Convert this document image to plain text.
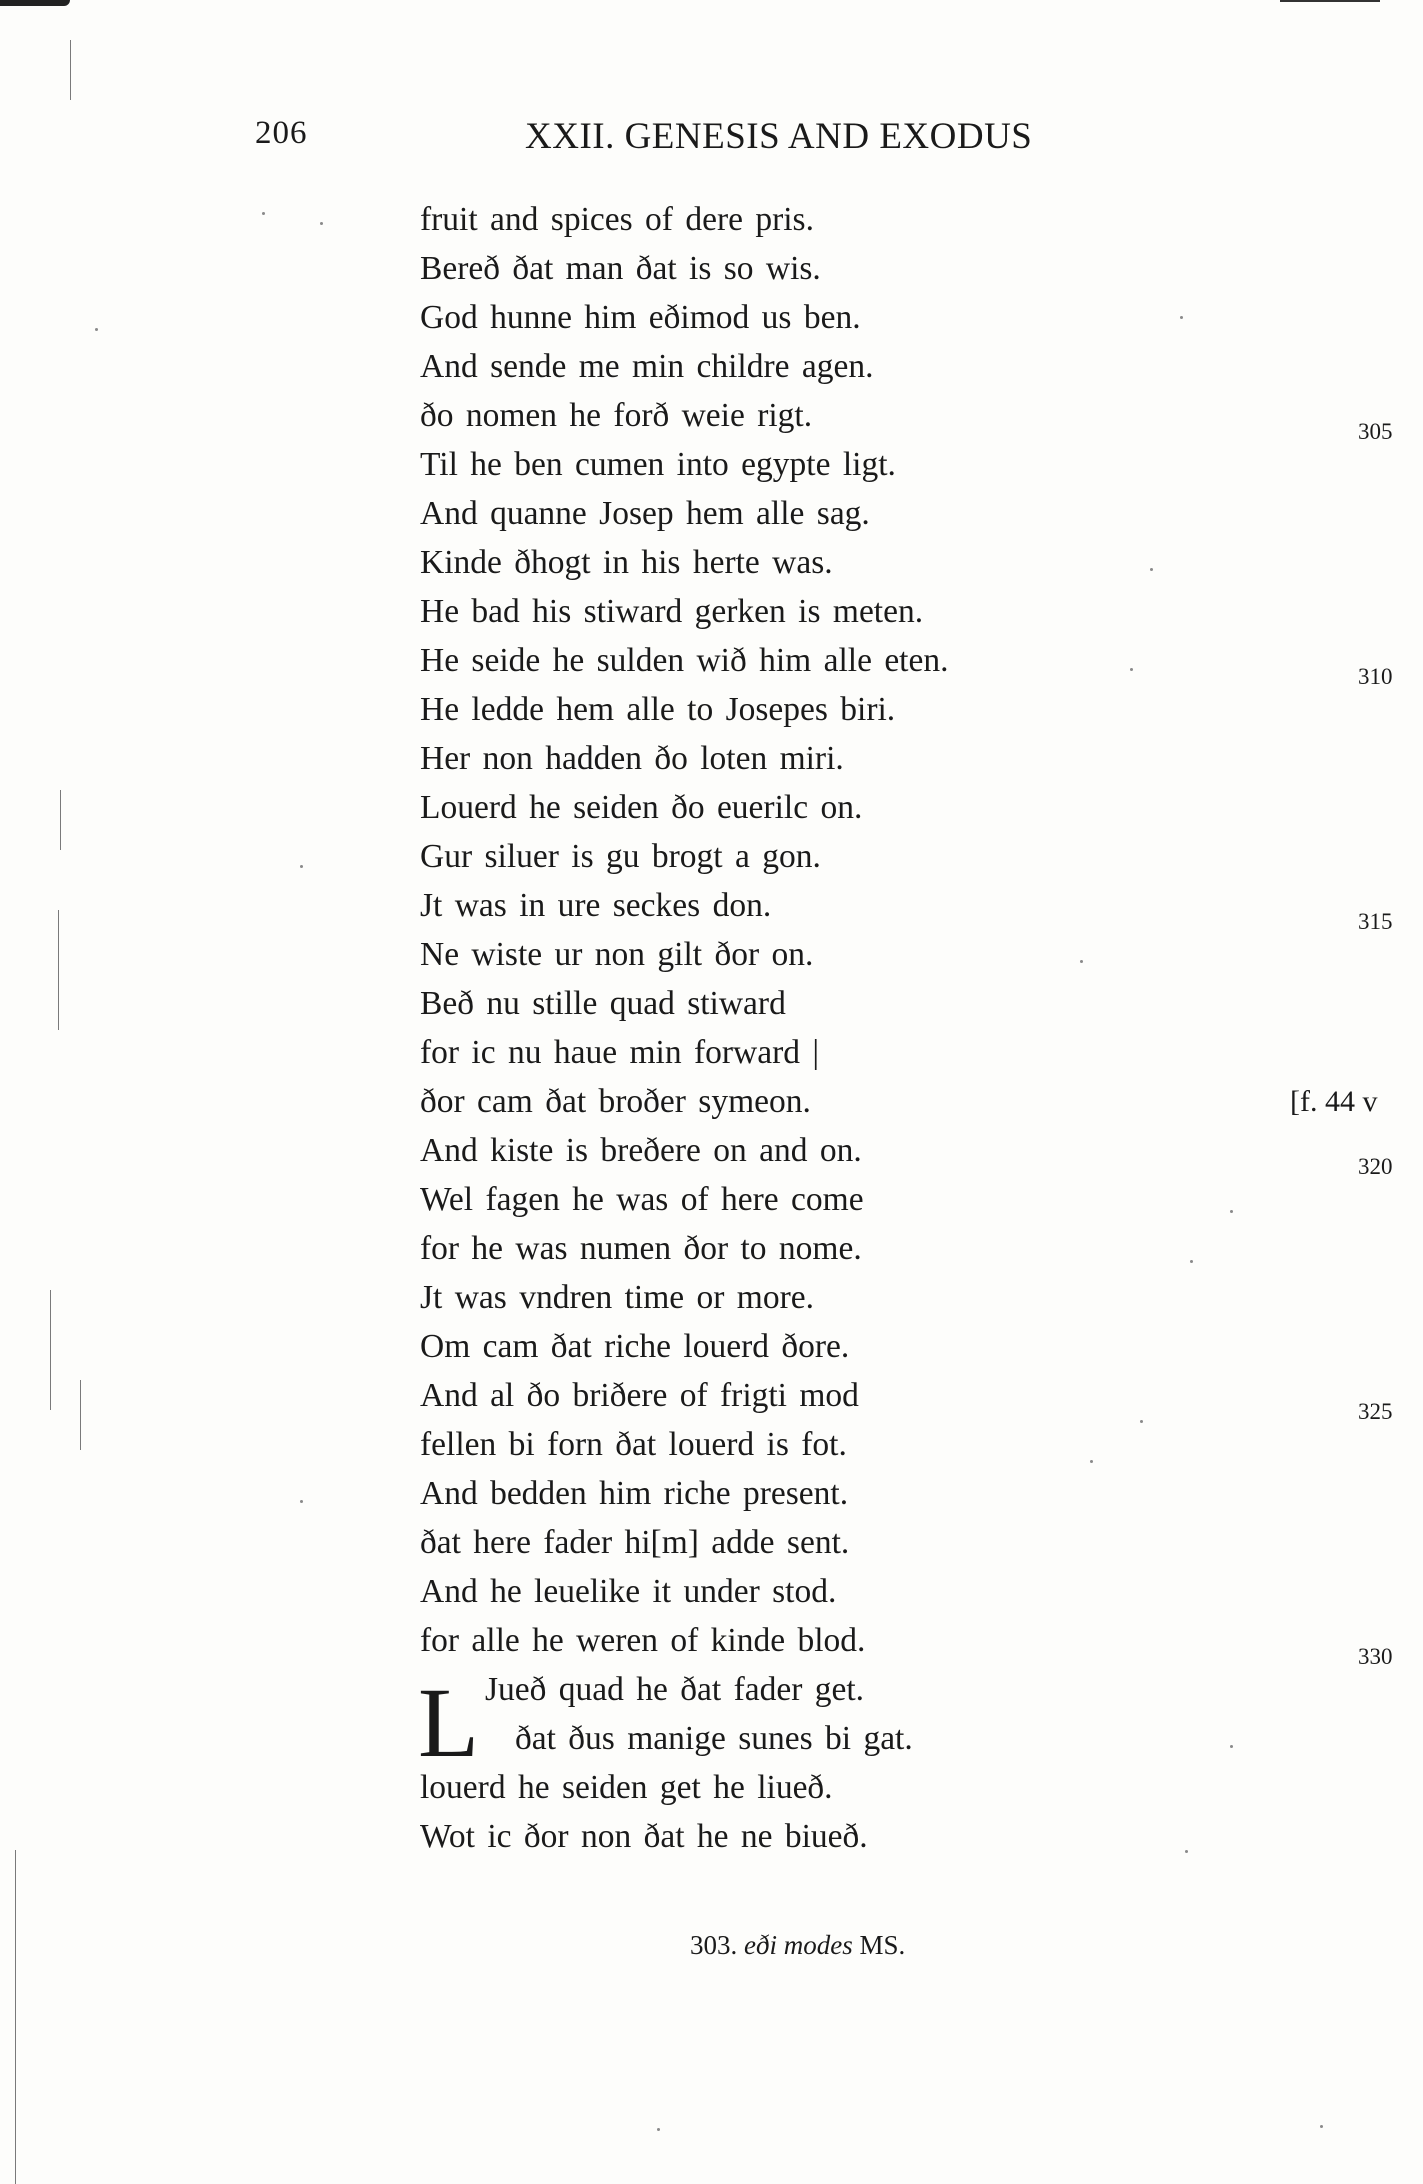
206	XXII. GENESIS AND EXODUS
fruit and spices of dere pris.
Bereð ðat man ðat is so wis.
God hunne him eðimod us ben.
And sende me min childre agen.
ðo nomen he forð weie rigt.
Til he ben cumen into egypte ligt.
And quanne Josep hem alle sag.
Kinde ðhogt in his herte was.
He bad his stiward gerken is meten.
He seide he sulden wið him alle eten.
He ledde hem alle to Josepes biri.
Her non hadden ðo loten miri.
Louerd he seiden ðo euerilc on.
Gur siluer is gu brogt a gon.
Jt was in ure seckes don.
Ne wiste ur non gilt ðor on.
Beð nu stille quad stiward
for ic nu haue min forward |
ðor cam ðat broðer symeon.
And kiste is breðere on and on.
Wel fagen he was of here come
for he was numen ðor to nome.
Jt was vndren time or more.
Om cam ðat riche louerd ðore.
And al ðo briðere of frigti mod
fellen bi forn ðat louerd is fot.
And bedden him riche present.
ðat here fader hi[m] adde sent.
And he leuelike it under stod.
for alle he weren of kinde blod.
Jueð quad he ðat fader get.
ðat ðus manige sunes bi gat.
louerd he seiden get he liueð.
Wot ic ðor non ðat he ne biueð.
305
310
315
320
325
330
[f. 44 v
L
303. eði modes MS.
